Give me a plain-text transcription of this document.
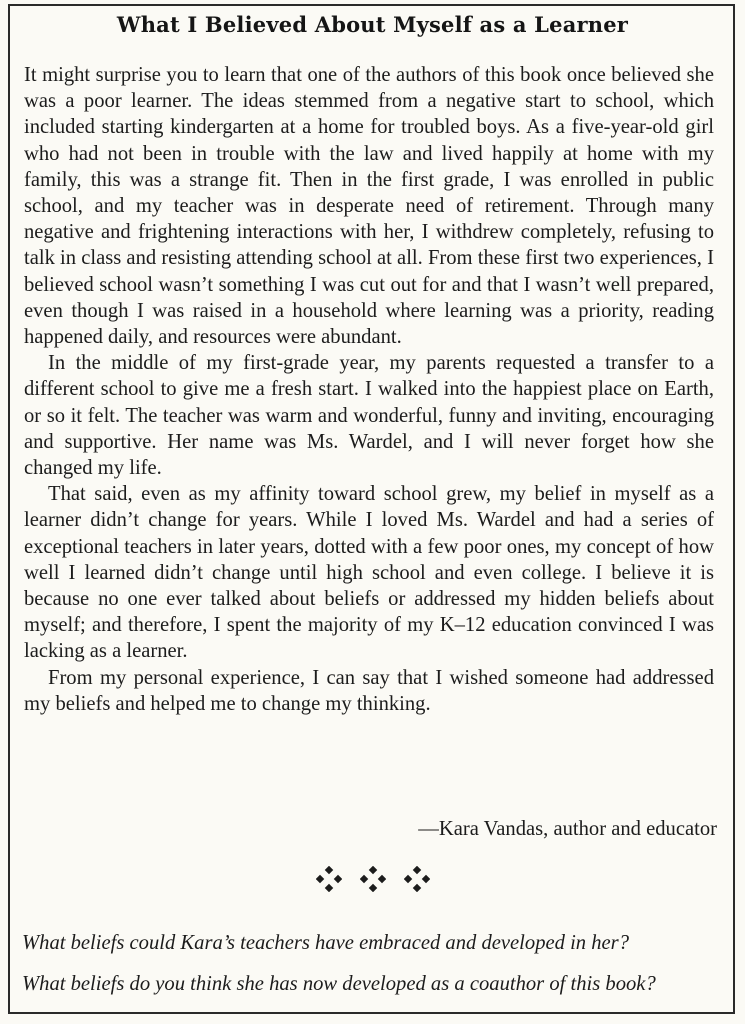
What I Believed About Myself as a Learner

It might surprise you to learn that one of the authors of this book once believed she was a poor learner. The ideas stemmed from a negative start to school, which included starting kindergarten at a home for troubled boys. As a five-year-old girl who had not been in trouble with the law and lived happily at home with my family, this was a strange fit. Then in the first grade, I was enrolled in public school, and my teacher was in desperate need of retirement. Through many negative and frightening interactions with her, I withdrew completely, refusing to talk in class and resisting attending school at all. From these first two experiences, I believed school wasn’t something I was cut out for and that I wasn’t well prepared, even though I was raised in a household where learning was a priority, reading happened daily, and resources were abundant.

In the middle of my first-grade year, my parents requested a transfer to a different school to give me a fresh start. I walked into the happiest place on Earth, or so it felt. The teacher was warm and wonderful, funny and inviting, encouraging and supportive. Her name was Ms. Wardel, and I will never forget how she changed my life.

That said, even as my affinity toward school grew, my belief in myself as a learner didn’t change for years. While I loved Ms. Wardel and had a series of exceptional teachers in later years, dotted with a few poor ones, my concept of how well I learned didn’t change until high school and even college. I believe it is because no one ever talked about beliefs or addressed my hidden beliefs about myself; and therefore, I spent the majority of my K–12 education convinced I was lacking as a learner.

From my personal experience, I can say that I wished someone had addressed my beliefs and helped me to change my thinking.

—Kara Vandas, author and educator

What beliefs could Kara’s teachers have embraced and developed in her?

What beliefs do you think she has now developed as a coauthor of this book?
